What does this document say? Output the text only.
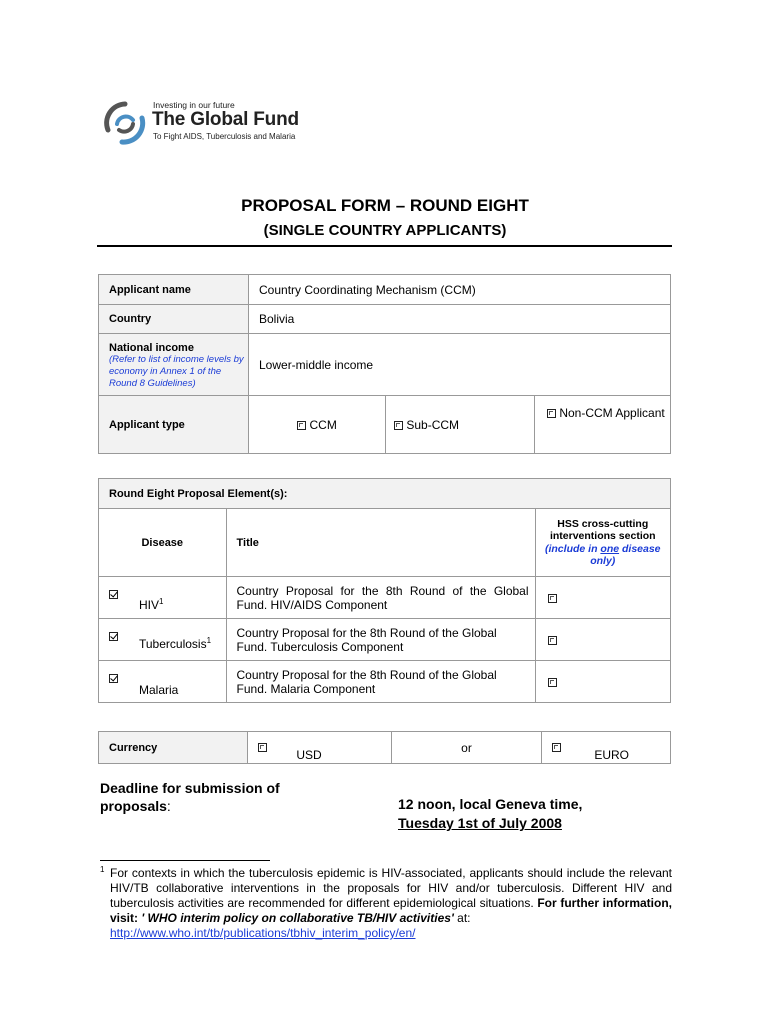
Investing in our future
The Global Fund
To Fight AIDS, Tuberculosis and Malaria
PROPOSAL FORM – ROUND EIGHT
(SINGLE COUNTRY APPLICANTS)
Applicant name	Country Coordinating Mechanism (CCM)		
Country	Bolivia		

National income
(Refer to list of income levels by economy in Annex 1 of the Round 8 Guidelines)	Lower-middle income		
Applicant type	CCM	Sub-CCM	Non-CCM Applicant
Round Eight Proposal Element(s):			
Disease		Title	HSS cross-cutting interventions section
(include in one disease only)
	HIV$^1$	Country Proposal for the 8th Round of the Global Fund. HIV/AIDS Component	
	Tuberculosis$^1$	Country Proposal for the 8th Round of the Global Fund. Tuberculosis Component	
	Malaria	Country Proposal for the 8th Round of the Global Fund. Malaria Component	
Currency	USD	or	EURO
Deadline for submission of
proposals:	12 noon, local Geneva time,
Tuesday 1st of July 2008
$^1$ For contexts in which the tuberculosis epidemic is HIV-associated, applicants should include the relevant HIV/TB collaborative interventions in the proposals for HIV and/or tuberculosis. Different HIV and tuberculosis activities are recommended for different epidemiological situations. For further information, visit: ' WHO interim policy on collaborative TB/HIV activities' at:
http://www.who.int/tb/publications/tbhiv_interim_policy/en/
